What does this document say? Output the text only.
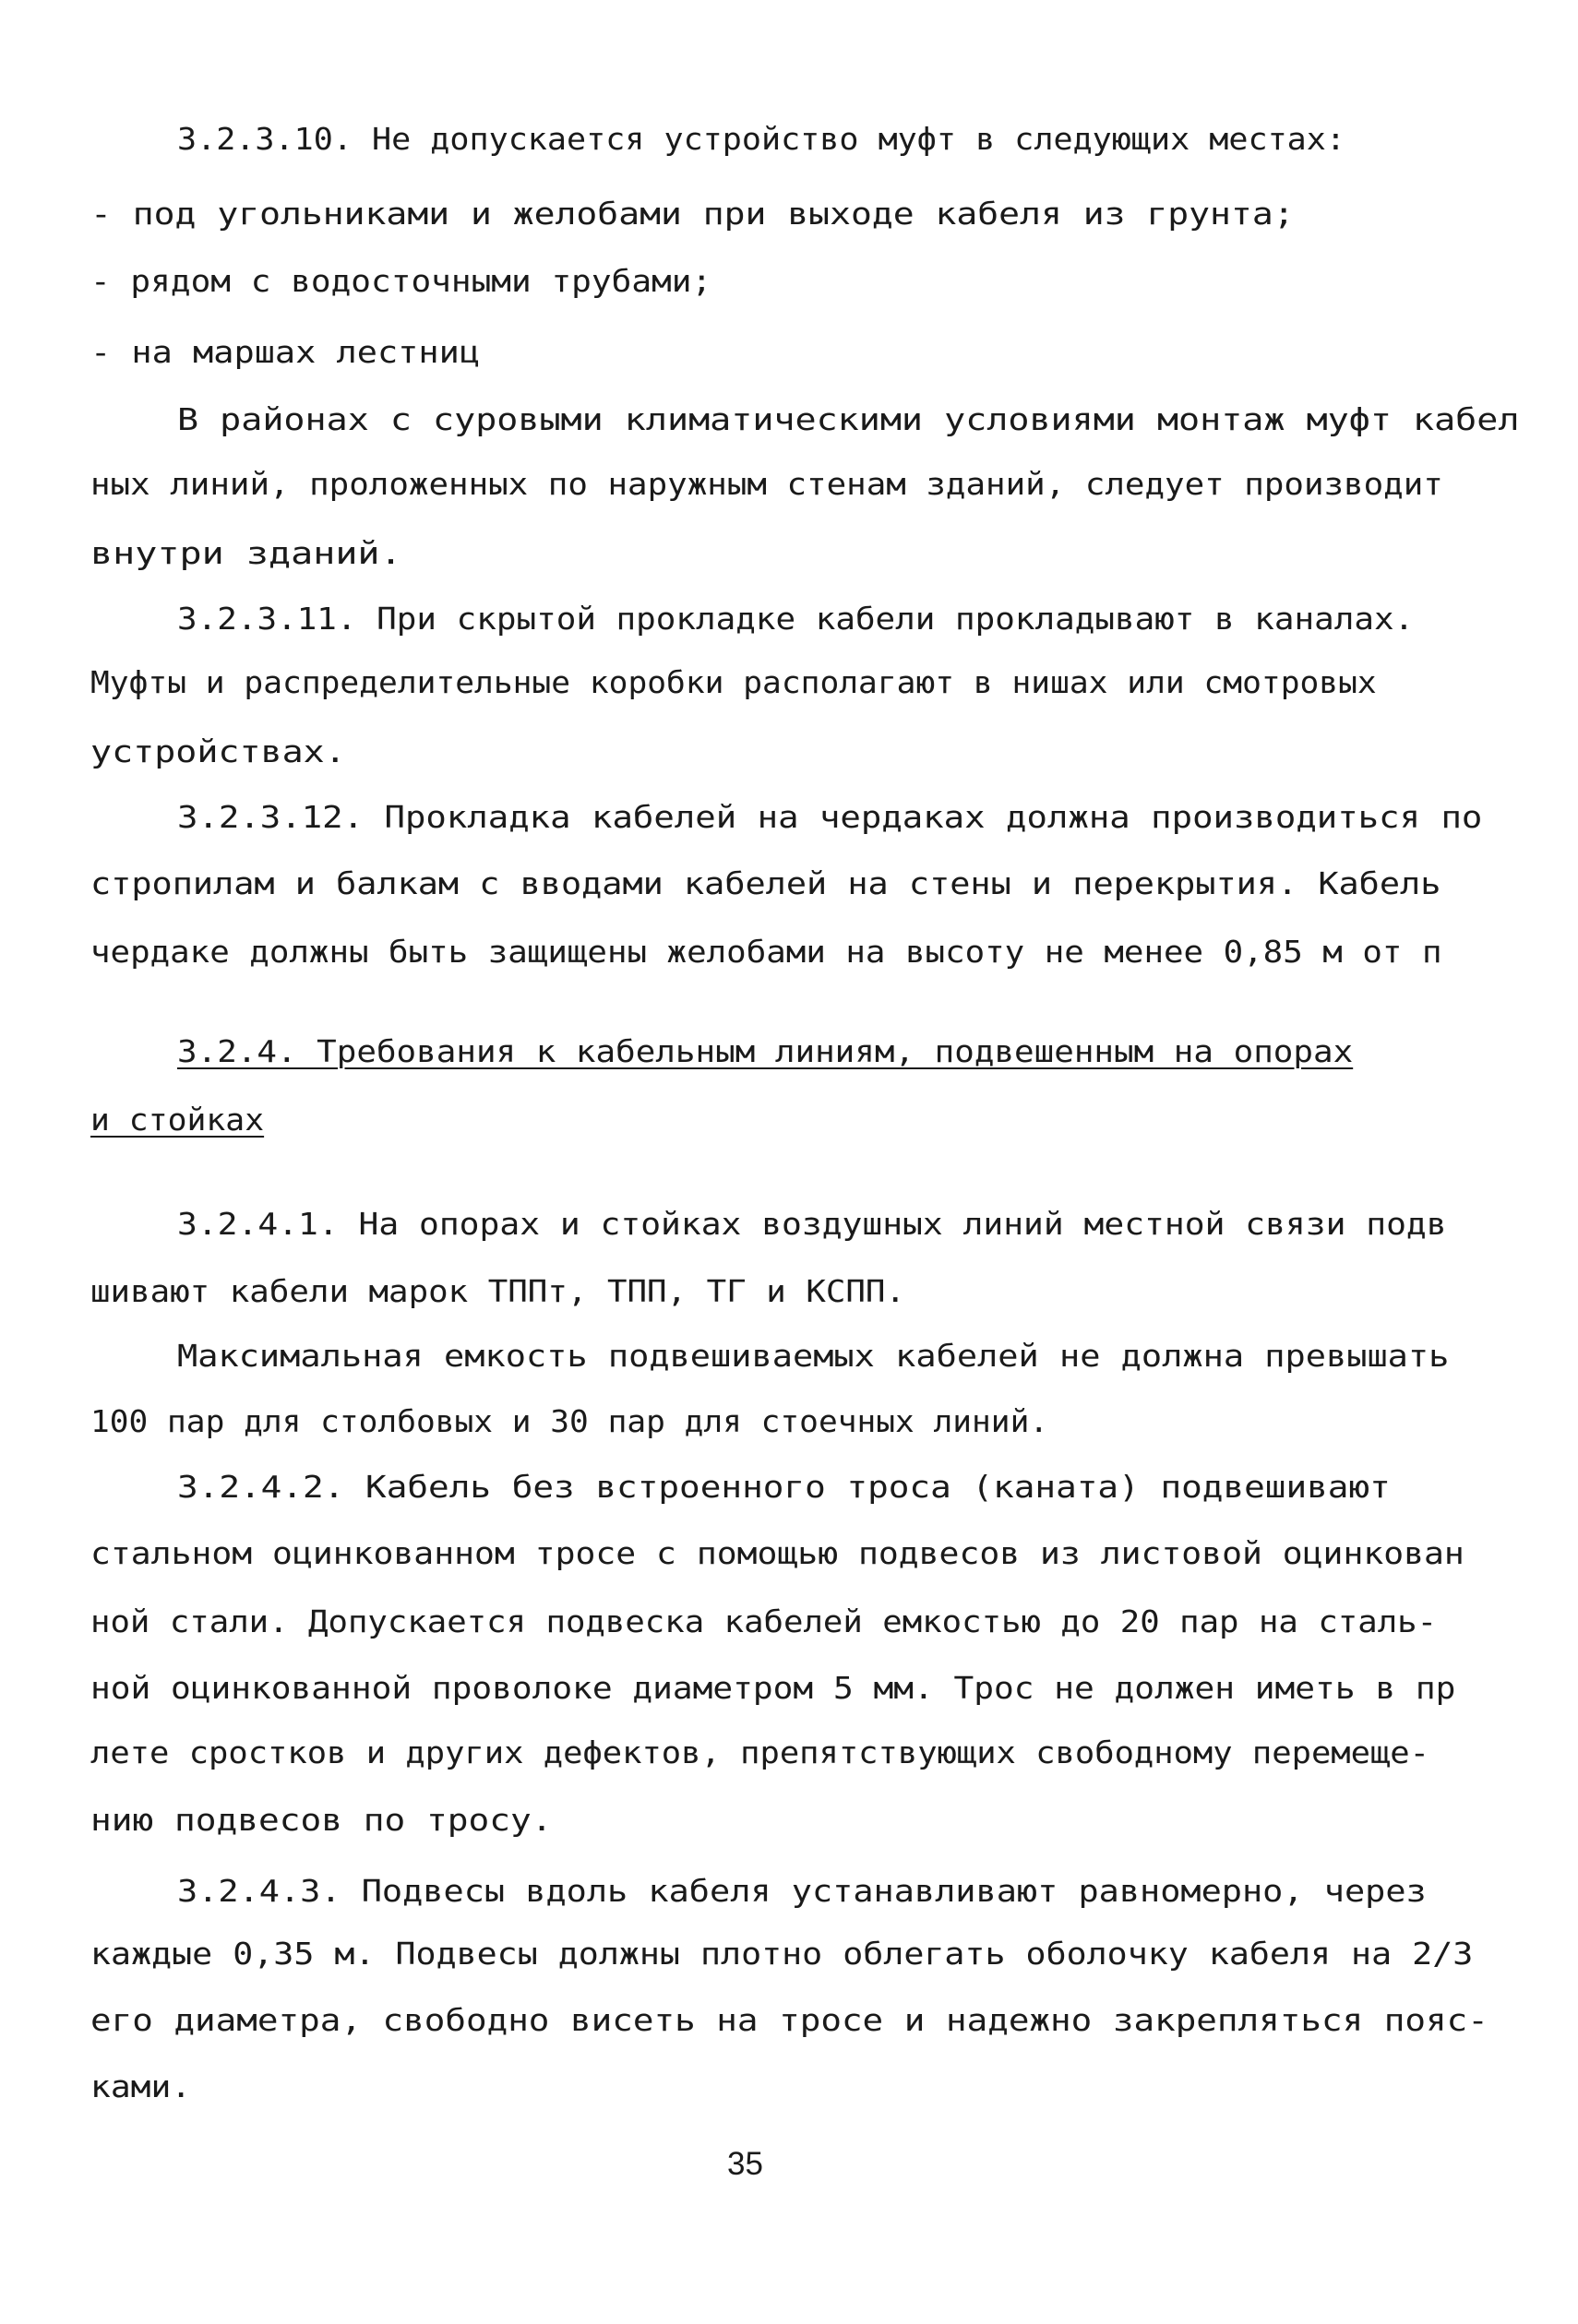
3.2.3.10. Не допускается устройство муфт в следующих местах:
- под угольниками и желобами при выходе кабеля из грунта;
- рядом с водосточными трубами;
- на маршах лестниц
В районах с суровыми климатическими условиями монтаж муфт кабел
ных линий, проложенных по наружным стенам зданий, следует производит
внутри зданий.
3.2.3.11. При скрытой прокладке кабели прокладывают в каналах.
Муфты и распределительные коробки располагают в нишах или смотровых
устройствах.
3.2.3.12. Прокладка кабелей на чердаках должна производиться по
стропилам и балкам с вводами кабелей на стены и перекрытия. Кабель
чердаке должны быть защищены желобами на высоту не менее 0,85 м от п
3.2.4. Требования к кабельным линиям, подвешенным на опорах
и стойках
3.2.4.1. На опорах и стойках воздушных линий местной связи подв
шивают кабели марок ТППт, ТПП, ТГ и КСПП.
Максимальная емкость подвешиваемых кабелей не должна превышать
100 пар для столбовых и 30 пар для стоечных линий.
3.2.4.2. Кабель без встроенного троса (каната) подвешивают
стальном оцинкованном тросе с помощью подвесов из листовой оцинкован
ной стали. Допускается подвеска кабелей емкостью до 20 пар на сталь-
ной оцинкованной проволоке диаметром 5 мм. Трос не должен иметь в пр
лете сростков и других дефектов, препятствующих свободному перемеще-
нию подвесов по тросу.
3.2.4.3. Подвесы вдоль кабеля устанавливают равномерно, через
каждые 0,35 м. Подвесы должны плотно облегать оболочку кабеля на 2/3
его диаметра, свободно висеть на тросе и надежно закрепляться пояс-
ками.
35
